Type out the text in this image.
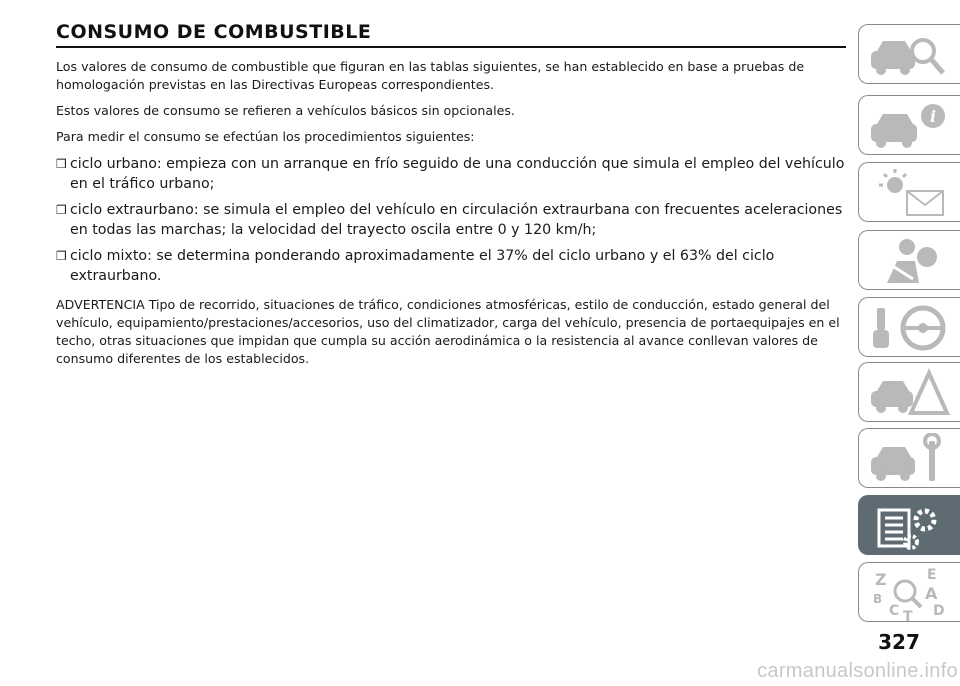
CONSUMO DE COMBUSTIBLE

Los valores de consumo de combustible que figuran en las tablas siguientes, se han establecido en base a pruebas de homologación previstas en las Directivas Europeas correspondientes.

Estos valores de consumo se refieren a vehículos básicos sin opcionales.

Para medir el consumo se efectúan los procedimientos siguientes:

❒ ciclo urbano: empieza con un arranque en frío seguido de una conducción que simula el empleo del vehículo en el tráfico urbano;
❒ ciclo extraurbano: se simula el empleo del vehículo en circulación extraurbana con frecuentes aceleraciones en todas las marchas; la velocidad del trayecto oscila entre 0 y 120 km/h;
❒ ciclo mixto: se determina ponderando aproximadamente el 37% del ciclo urbano y el 63% del ciclo extraurbano.

ADVERTENCIA Tipo de recorrido, situaciones de tráfico, condiciones atmosféricas, estilo de conducción, estado general del vehículo, equipamiento/prestaciones/accesorios, uso del climatizador, carga del vehículo, presencia de portaequipajes en el techo, otras situaciones que impidan que cumpla su acción aerodinámica o la resistencia al avance conllevan valores de consumo diferentes de los establecidos.

i
Z	E
A
B
C T D
327
carmanualsonline.info
